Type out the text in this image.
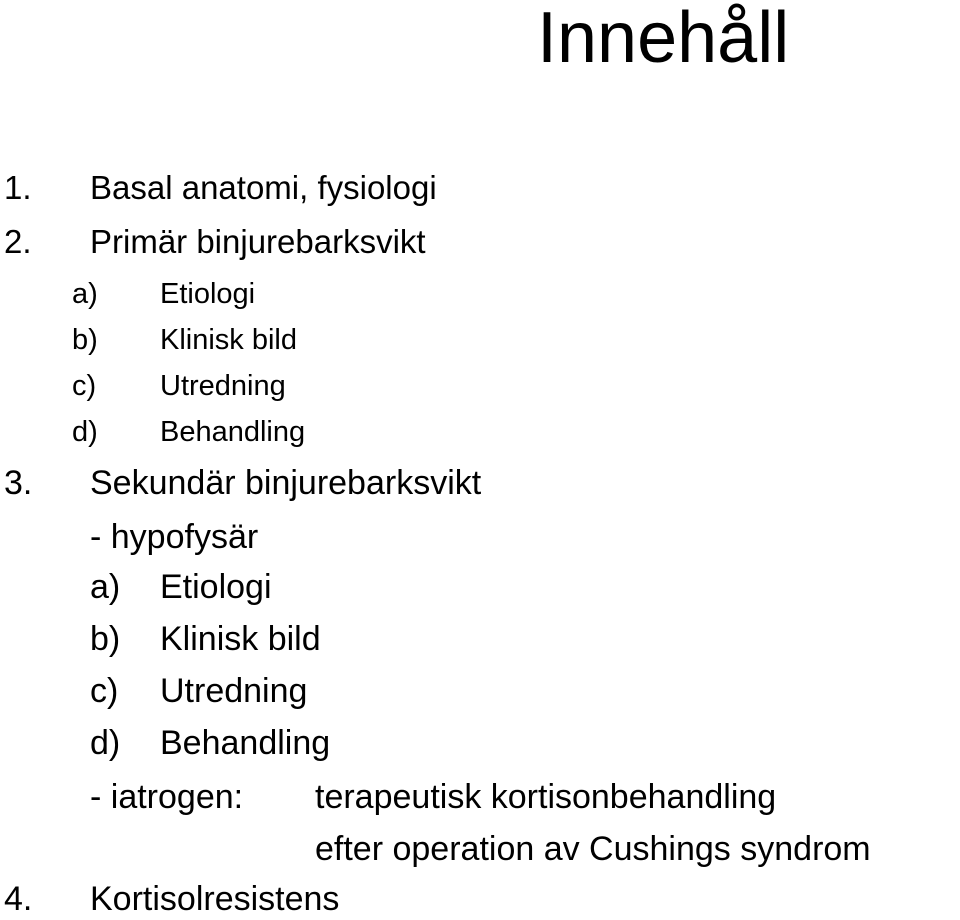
Innehåll
1. Basal anatomi, fysiologi
2. Primär binjurebarksvikt
a) Etiologi
b) Klinisk bild
c) Utredning
d) Behandling
3. Sekundär binjurebarksvikt
- hypofysär
a) Etiologi
b) Klinisk bild
c) Utredning
d) Behandling
- iatrogen: terapeutisk kortisonbehandling
efter operation av Cushings syndrom
4. Kortisolresistens
